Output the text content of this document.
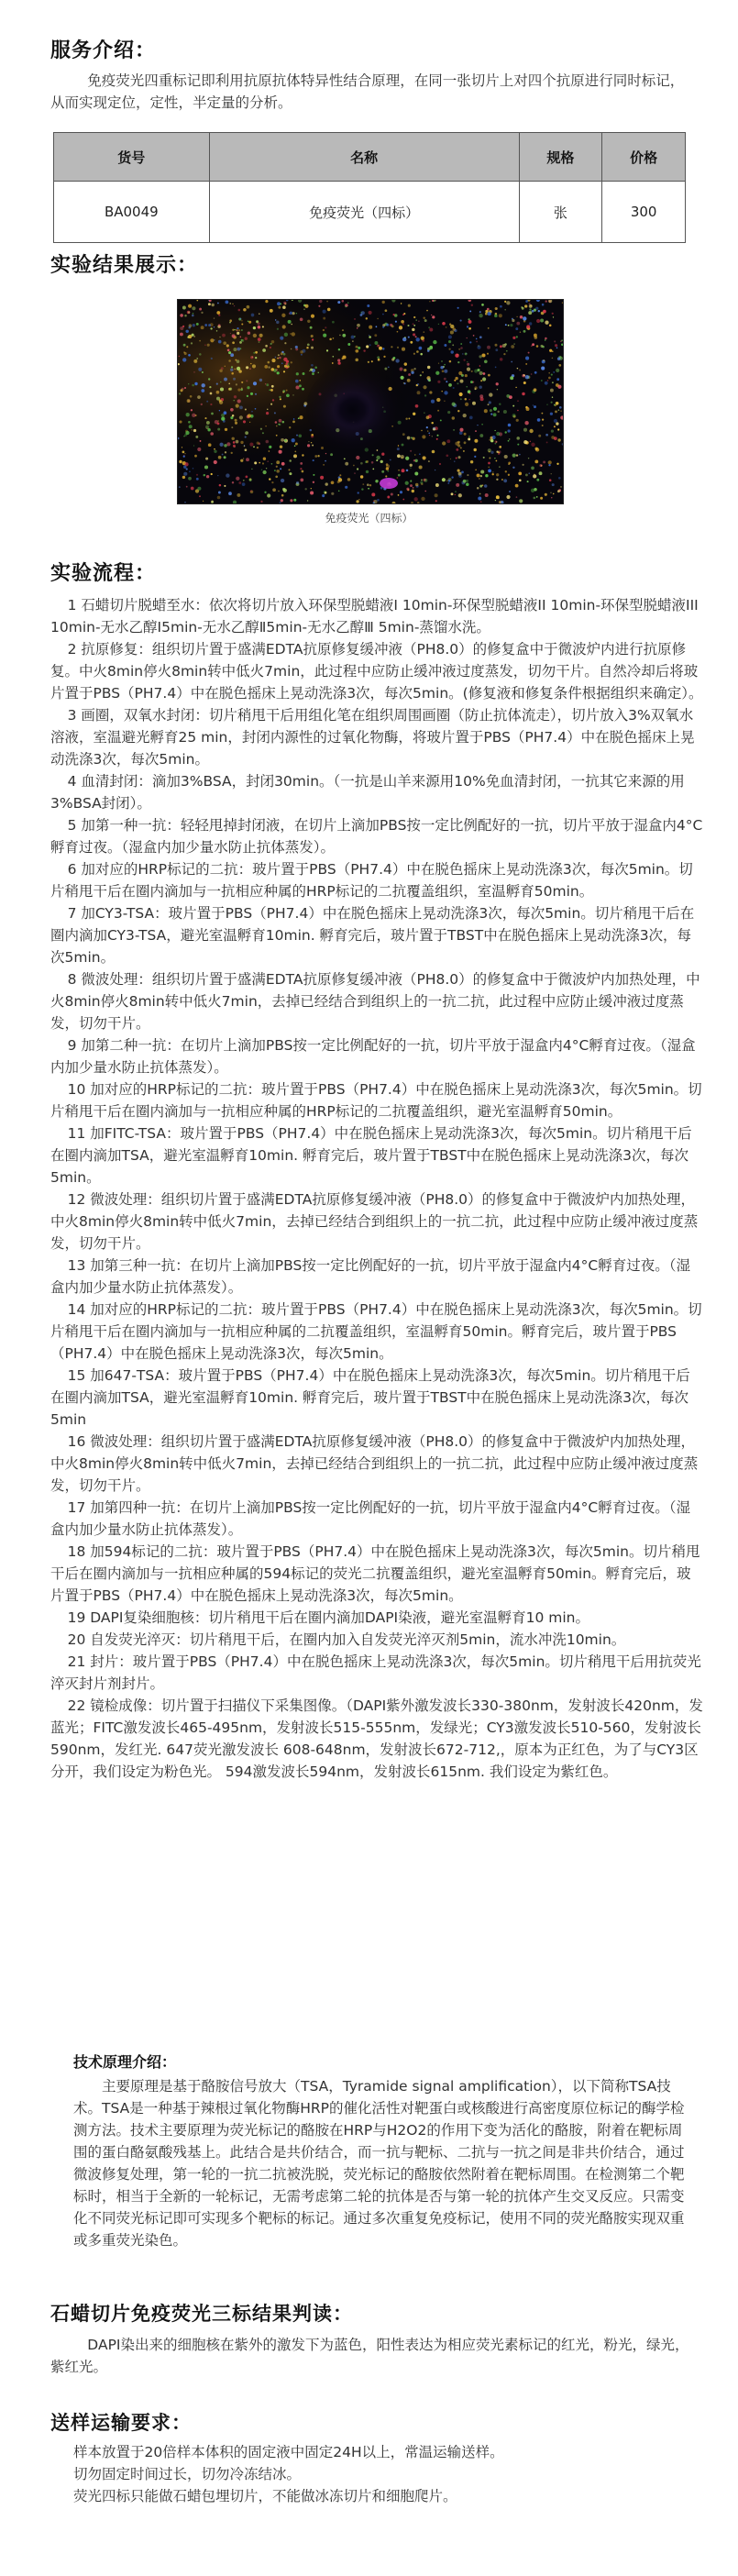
服务介绍：

免疫荧光四重标记即利用抗原抗体特异性结合原理，在同一张切片上对四个抗原进行同时标记，从而实现定位，定性，半定量的分析。

货号	名称	规格	价格
BA0049	免疫荧光（四标）	张	300
实验结果展示：
免疫荧光（四标）
实验流程：

1 石蜡切片脱蜡至水：依次将切片放入环保型脱蜡液I 10min-环保型脱蜡液II 10min-环保型脱蜡液III 10min-无水乙醇Ⅰ5min-无水乙醇Ⅱ5min-无水乙醇Ⅲ 5min-蒸馏水洗。

2 抗原修复：组织切片置于盛满EDTA抗原修复缓冲液（PH8.0）的修复盒中于微波炉内进行抗原修复。中火8min停火8min转中低火7min，此过程中应防止缓冲液过度蒸发，切勿干片。自然冷却后将玻片置于PBS（PH7.4）中在脱色摇床上晃动洗涤3次，每次5min。(修复液和修复条件根据组织来确定）。

3 画圈，双氧水封闭：切片稍甩干后用组化笔在组织周围画圈（防止抗体流走），切片放入3%双氧水溶液，室温避光孵育25 min，封闭内源性的过氧化物酶，将玻片置于PBS（PH7.4）中在脱色摇床上晃动洗涤3次，每次5min。

4 血清封闭：滴加3%BSA，封闭30min。（一抗是山羊来源用10%免血清封闭，一抗其它来源的用3%BSA封闭）。

5 加第一种一抗：轻轻甩掉封闭液，在切片上滴加PBS按一定比例配好的一抗，切片平放于湿盒内4°C孵育过夜。（湿盒内加少量水防止抗体蒸发）。

6 加对应的HRP标记的二抗：玻片置于PBS（PH7.4）中在脱色摇床上晃动洗涤3次，每次5min。切片稍甩干后在圈内滴加与一抗相应种属的HRP标记的二抗覆盖组织，室温孵育50min。

7 加CY3-TSA：玻片置于PBS（PH7.4）中在脱色摇床上晃动洗涤3次，每次5min。切片稍甩干后在圈内滴加CY3-TSA，避光室温孵育10min. 孵育完后，玻片置于TBST中在脱色摇床上晃动洗涤3次，每次5min。

8 微波处理：组织切片置于盛满EDTA抗原修复缓冲液（PH8.0）的修复盒中于微波炉内加热处理，中火8min停火8min转中低火7min，去掉已经结合到组织上的一抗二抗，此过程中应防止缓冲液过度蒸发，切勿干片。

9 加第二种一抗：在切片上滴加PBS按一定比例配好的一抗，切片平放于湿盒内4°C孵育过夜。（湿盒内加少量水防止抗体蒸发）。

10 加对应的HRP标记的二抗：玻片置于PBS（PH7.4）中在脱色摇床上晃动洗涤3次，每次5min。切片稍甩干后在圈内滴加与一抗相应种属的HRP标记的二抗覆盖组织，避光室温孵育50min。

11 加FITC-TSA：玻片置于PBS（PH7.4）中在脱色摇床上晃动洗涤3次，每次5min。切片稍甩干后在圈内滴加TSA，避光室温孵育10min. 孵育完后，玻片置于TBST中在脱色摇床上晃动洗涤3次，每次5min。

12 微波处理：组织切片置于盛满EDTA抗原修复缓冲液（PH8.0）的修复盒中于微波炉内加热处理，中火8min停火8min转中低火7min，去掉已经结合到组织上的一抗二抗，此过程中应防止缓冲液过度蒸发，切勿干片。

13 加第三种一抗：在切片上滴加PBS按一定比例配好的一抗，切片平放于湿盒内4°C孵育过夜。（湿盒内加少量水防止抗体蒸发）。

14 加对应的HRP标记的二抗：玻片置于PBS（PH7.4）中在脱色摇床上晃动洗涤3次，每次5min。切片稍甩干后在圈内滴加与一抗相应种属的二抗覆盖组织，室温孵育50min。孵育完后，玻片置于PBS（PH7.4）中在脱色摇床上晃动洗涤3次，每次5min。

15 加647-TSA：玻片置于PBS（PH7.4）中在脱色摇床上晃动洗涤3次，每次5min。切片稍甩干后在圈内滴加TSA，避光室温孵育10min. 孵育完后，玻片置于TBST中在脱色摇床上晃动洗涤3次，每次5min

16 微波处理：组织切片置于盛满EDTA抗原修复缓冲液（PH8.0）的修复盒中于微波炉内加热处理，中火8min停火8min转中低火7min，去掉已经结合到组织上的一抗二抗，此过程中应防止缓冲液过度蒸发，切勿干片。

17 加第四种一抗：在切片上滴加PBS按一定比例配好的一抗，切片平放于湿盒内4°C孵育过夜。（湿盒内加少量水防止抗体蒸发）。

18 加594标记的二抗：玻片置于PBS（PH7.4）中在脱色摇床上晃动洗涤3次，每次5min。切片稍甩干后在圈内滴加与一抗相应种属的594标记的荧光二抗覆盖组织，避光室温孵育50min。孵育完后，玻片置于PBS（PH7.4）中在脱色摇床上晃动洗涤3次，每次5min。

19 DAPI复染细胞核：切片稍甩干后在圈内滴加DAPI染液，避光室温孵育10 min。

20 自发荧光淬灭：切片稍甩干后，在圈内加入自发荧光淬灭剂5min，流水冲洗10min。

21 封片：玻片置于PBS（PH7.4）中在脱色摇床上晃动洗涤3次，每次5min。切片稍甩干后用抗荧光淬灭封片剂封片。

22 镜检成像：切片置于扫描仪下采集图像。（DAPI紫外激发波长330-380nm，发射波长420nm，发蓝光；FITC激发波长465-495nm，发射波长515-555nm，发绿光；CY3激发波长510-560，发射波长590nm，发红光. 647荧光激发波长 608-648nm，发射波长672-712,，原本为正红色，为了与CY3区分开，我们设定为粉色光。 594激发波长594nm，发射波长615nm. 我们设定为紫红色。

技术原理介绍：

主要原理是基于酪胺信号放大（TSA，Tyramide signal amplification），以下简称TSA技术。TSA是一种基于辣根过氧化物酶HRP的催化活性对靶蛋白或核酸进行高密度原位标记的酶学检测方法。技术主要原理为荧光标记的酪胺在HRP与H2O2的作用下变为活化的酪胺，附着在靶标周围的蛋白酪氨酸残基上。此结合是共价结合，而一抗与靶标、二抗与一抗之间是非共价结合，通过微波修复处理，第一轮的一抗二抗被洗脱，荧光标记的酪胺依然附着在靶标周围。在检测第二个靶标时，相当于全新的一轮标记，无需考虑第二轮的抗体是否与第一轮的抗体产生交叉反应。只需变化不同荧光标记即可实现多个靶标的标记。通过多次重复免疫标记，使用不同的荧光酪胺实现双重或多重荧光染色。

石蜡切片免疫荧光三标结果判读：

DAPI染出来的细胞核在紫外的激发下为蓝色，阳性表达为相应荧光素标记的红光，粉光，绿光，紫红光。

送样运输要求：

样本放置于20倍样本体积的固定液中固定24H以上，常温运输送样。

切勿固定时间过长，切勿冷冻结冰。

荧光四标只能做石蜡包埋切片，不能做冰冻切片和细胞爬片。
